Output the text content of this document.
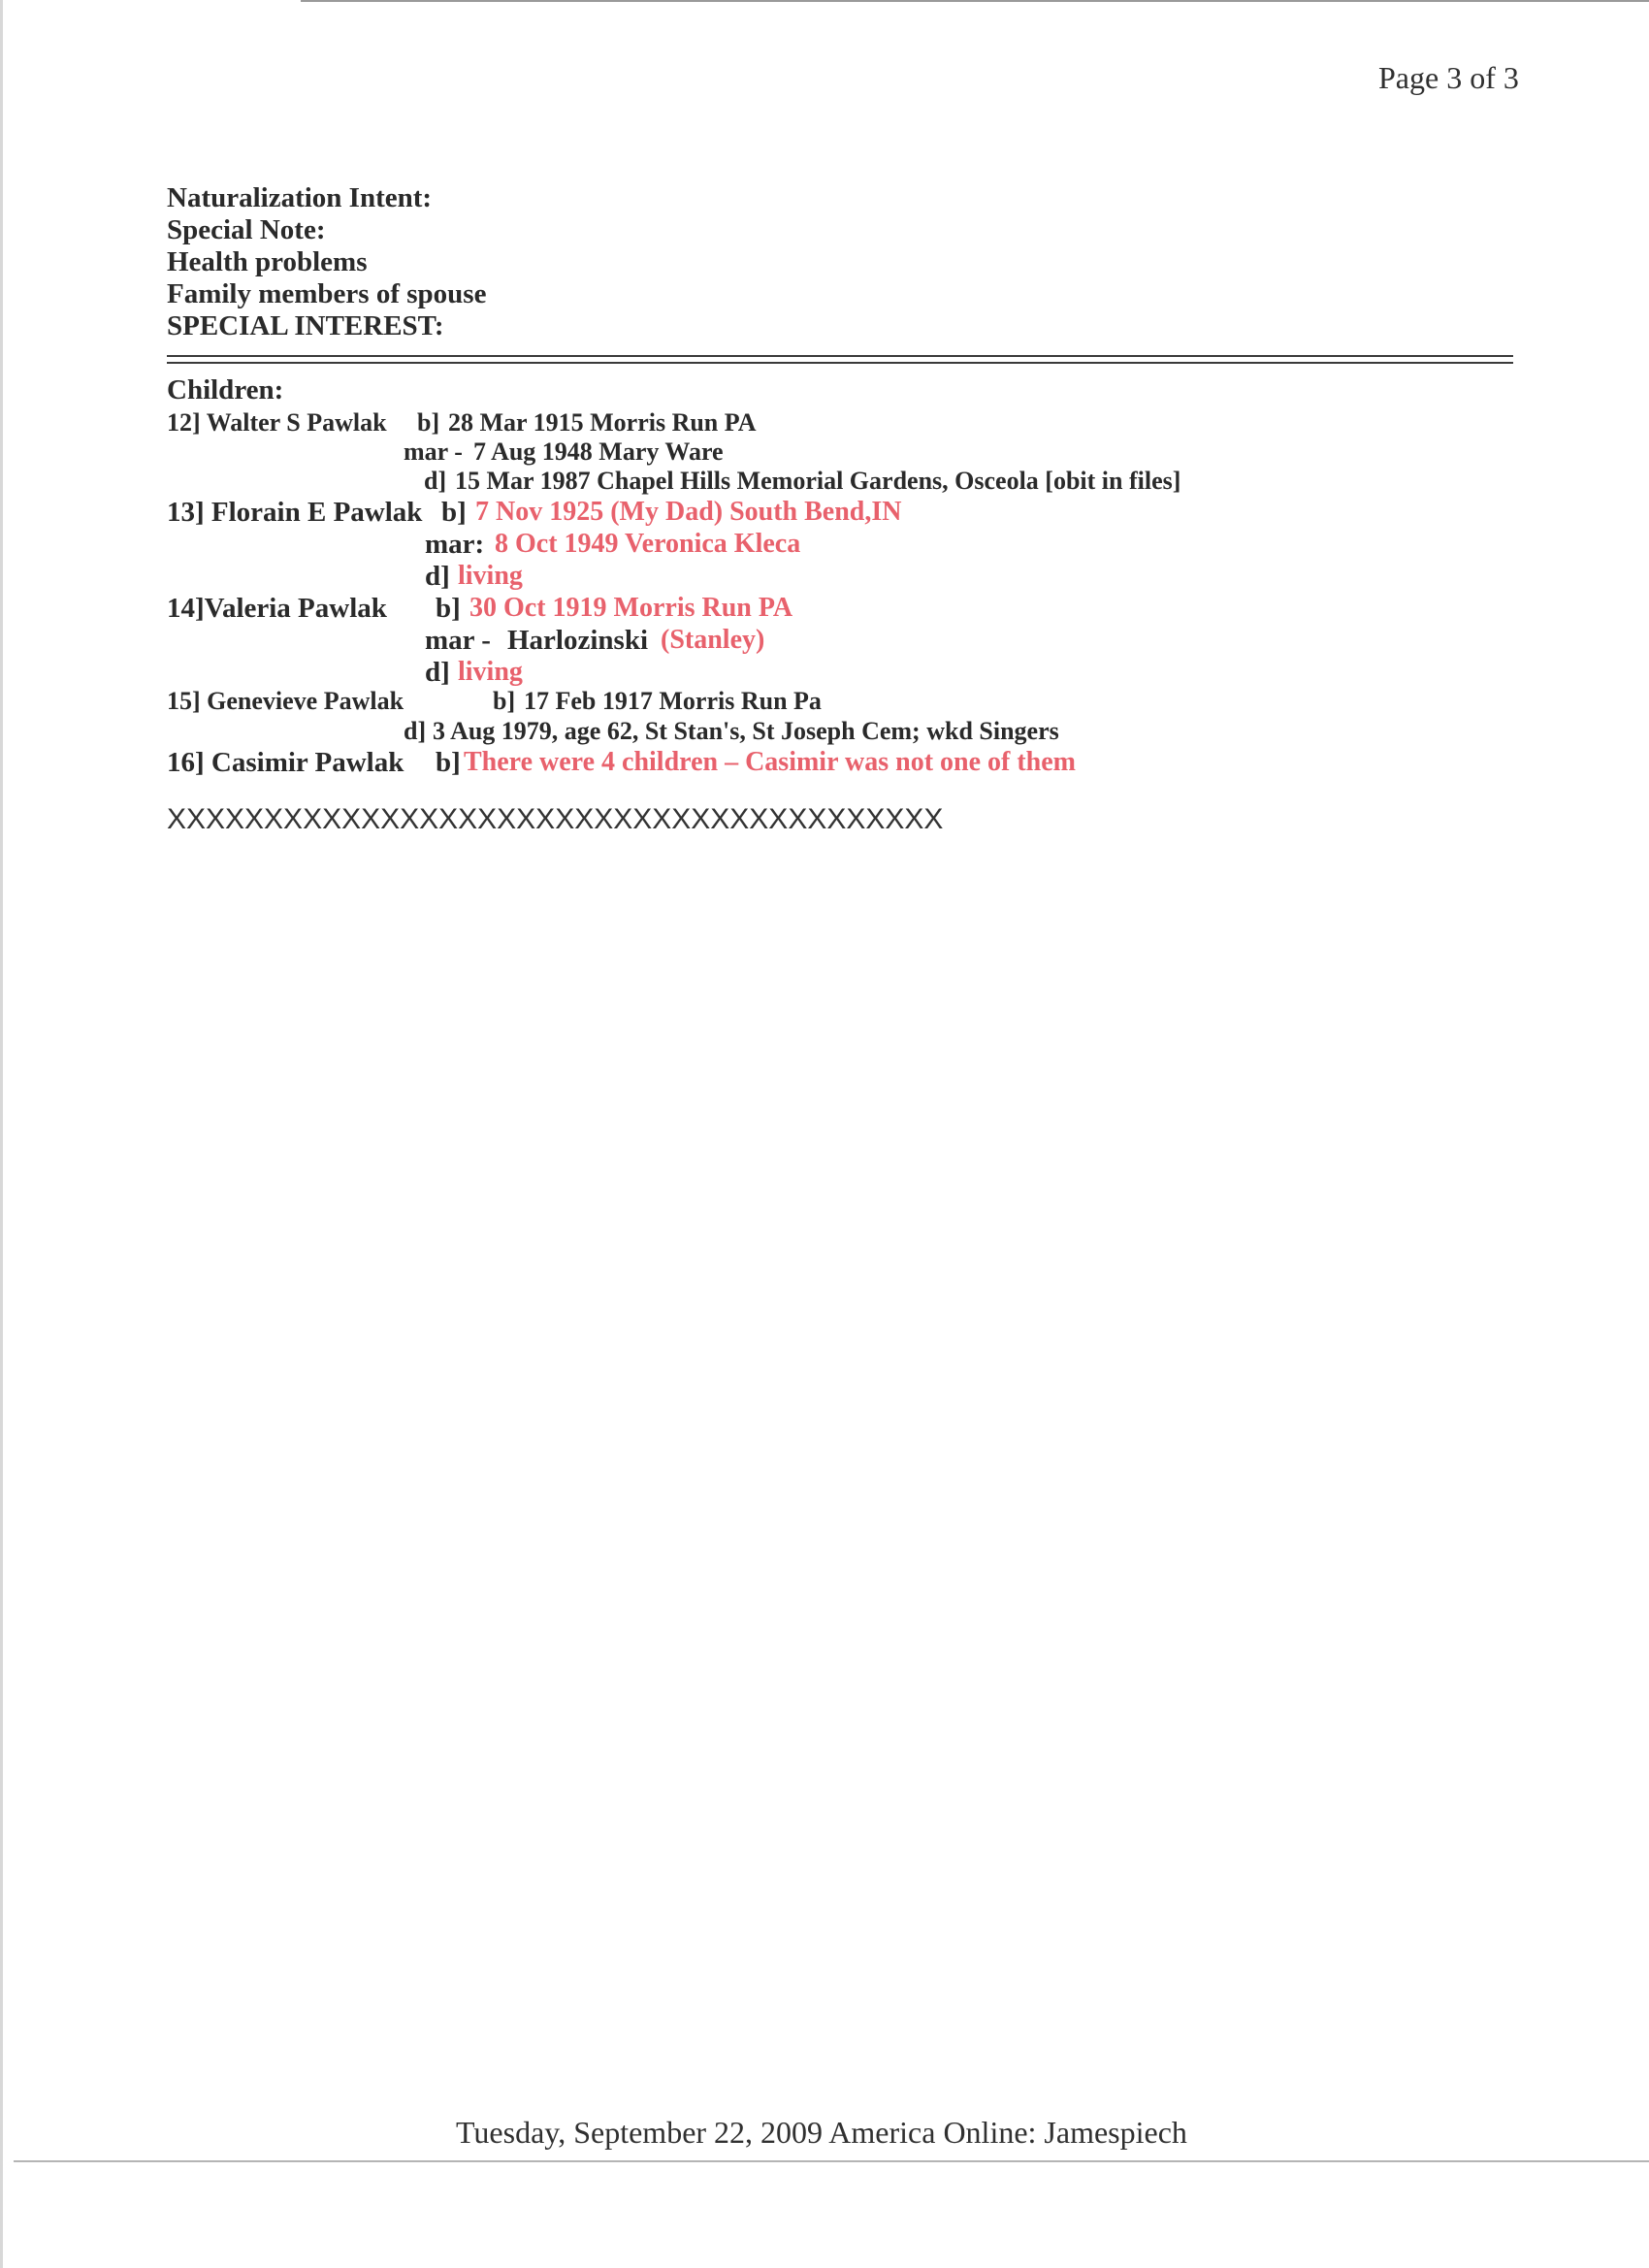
Page 3 of 3
Naturalization Intent:
Special Note:
Health problems
Family members of spouse
SPECIAL INTEREST:
Children:
12] Walter S Pawlak b] 28 Mar 1915 Morris Run PA
mar - 7 Aug 1948 Mary Ware
d] 15 Mar 1987 Chapel Hills Memorial Gardens, Osceola [obit in files]
13] Florain E Pawlak b] 7 Nov 1925 (My Dad) South Bend,IN
mar: 8 Oct 1949 Veronica Kleca
d] living
14]Valeria Pawlak b] 30 Oct 1919 Morris Run PA
mar - Harlozinski (Stanley)
d] living
15] Genevieve Pawlak	b] 17 Feb 1917 Morris Run Pa
d] 3 Aug 1979, age 62, St Stan's, St Joseph Cem; wkd Singers
16] Casimir Pawlak b] There were 4 children – Casimir was not one of them
XXXXXXXXXXXXXXXXXXXXXXXXXXXXXXXXXXXXXXXX
Tuesday, September 22, 2009 America Online: Jamespiech
